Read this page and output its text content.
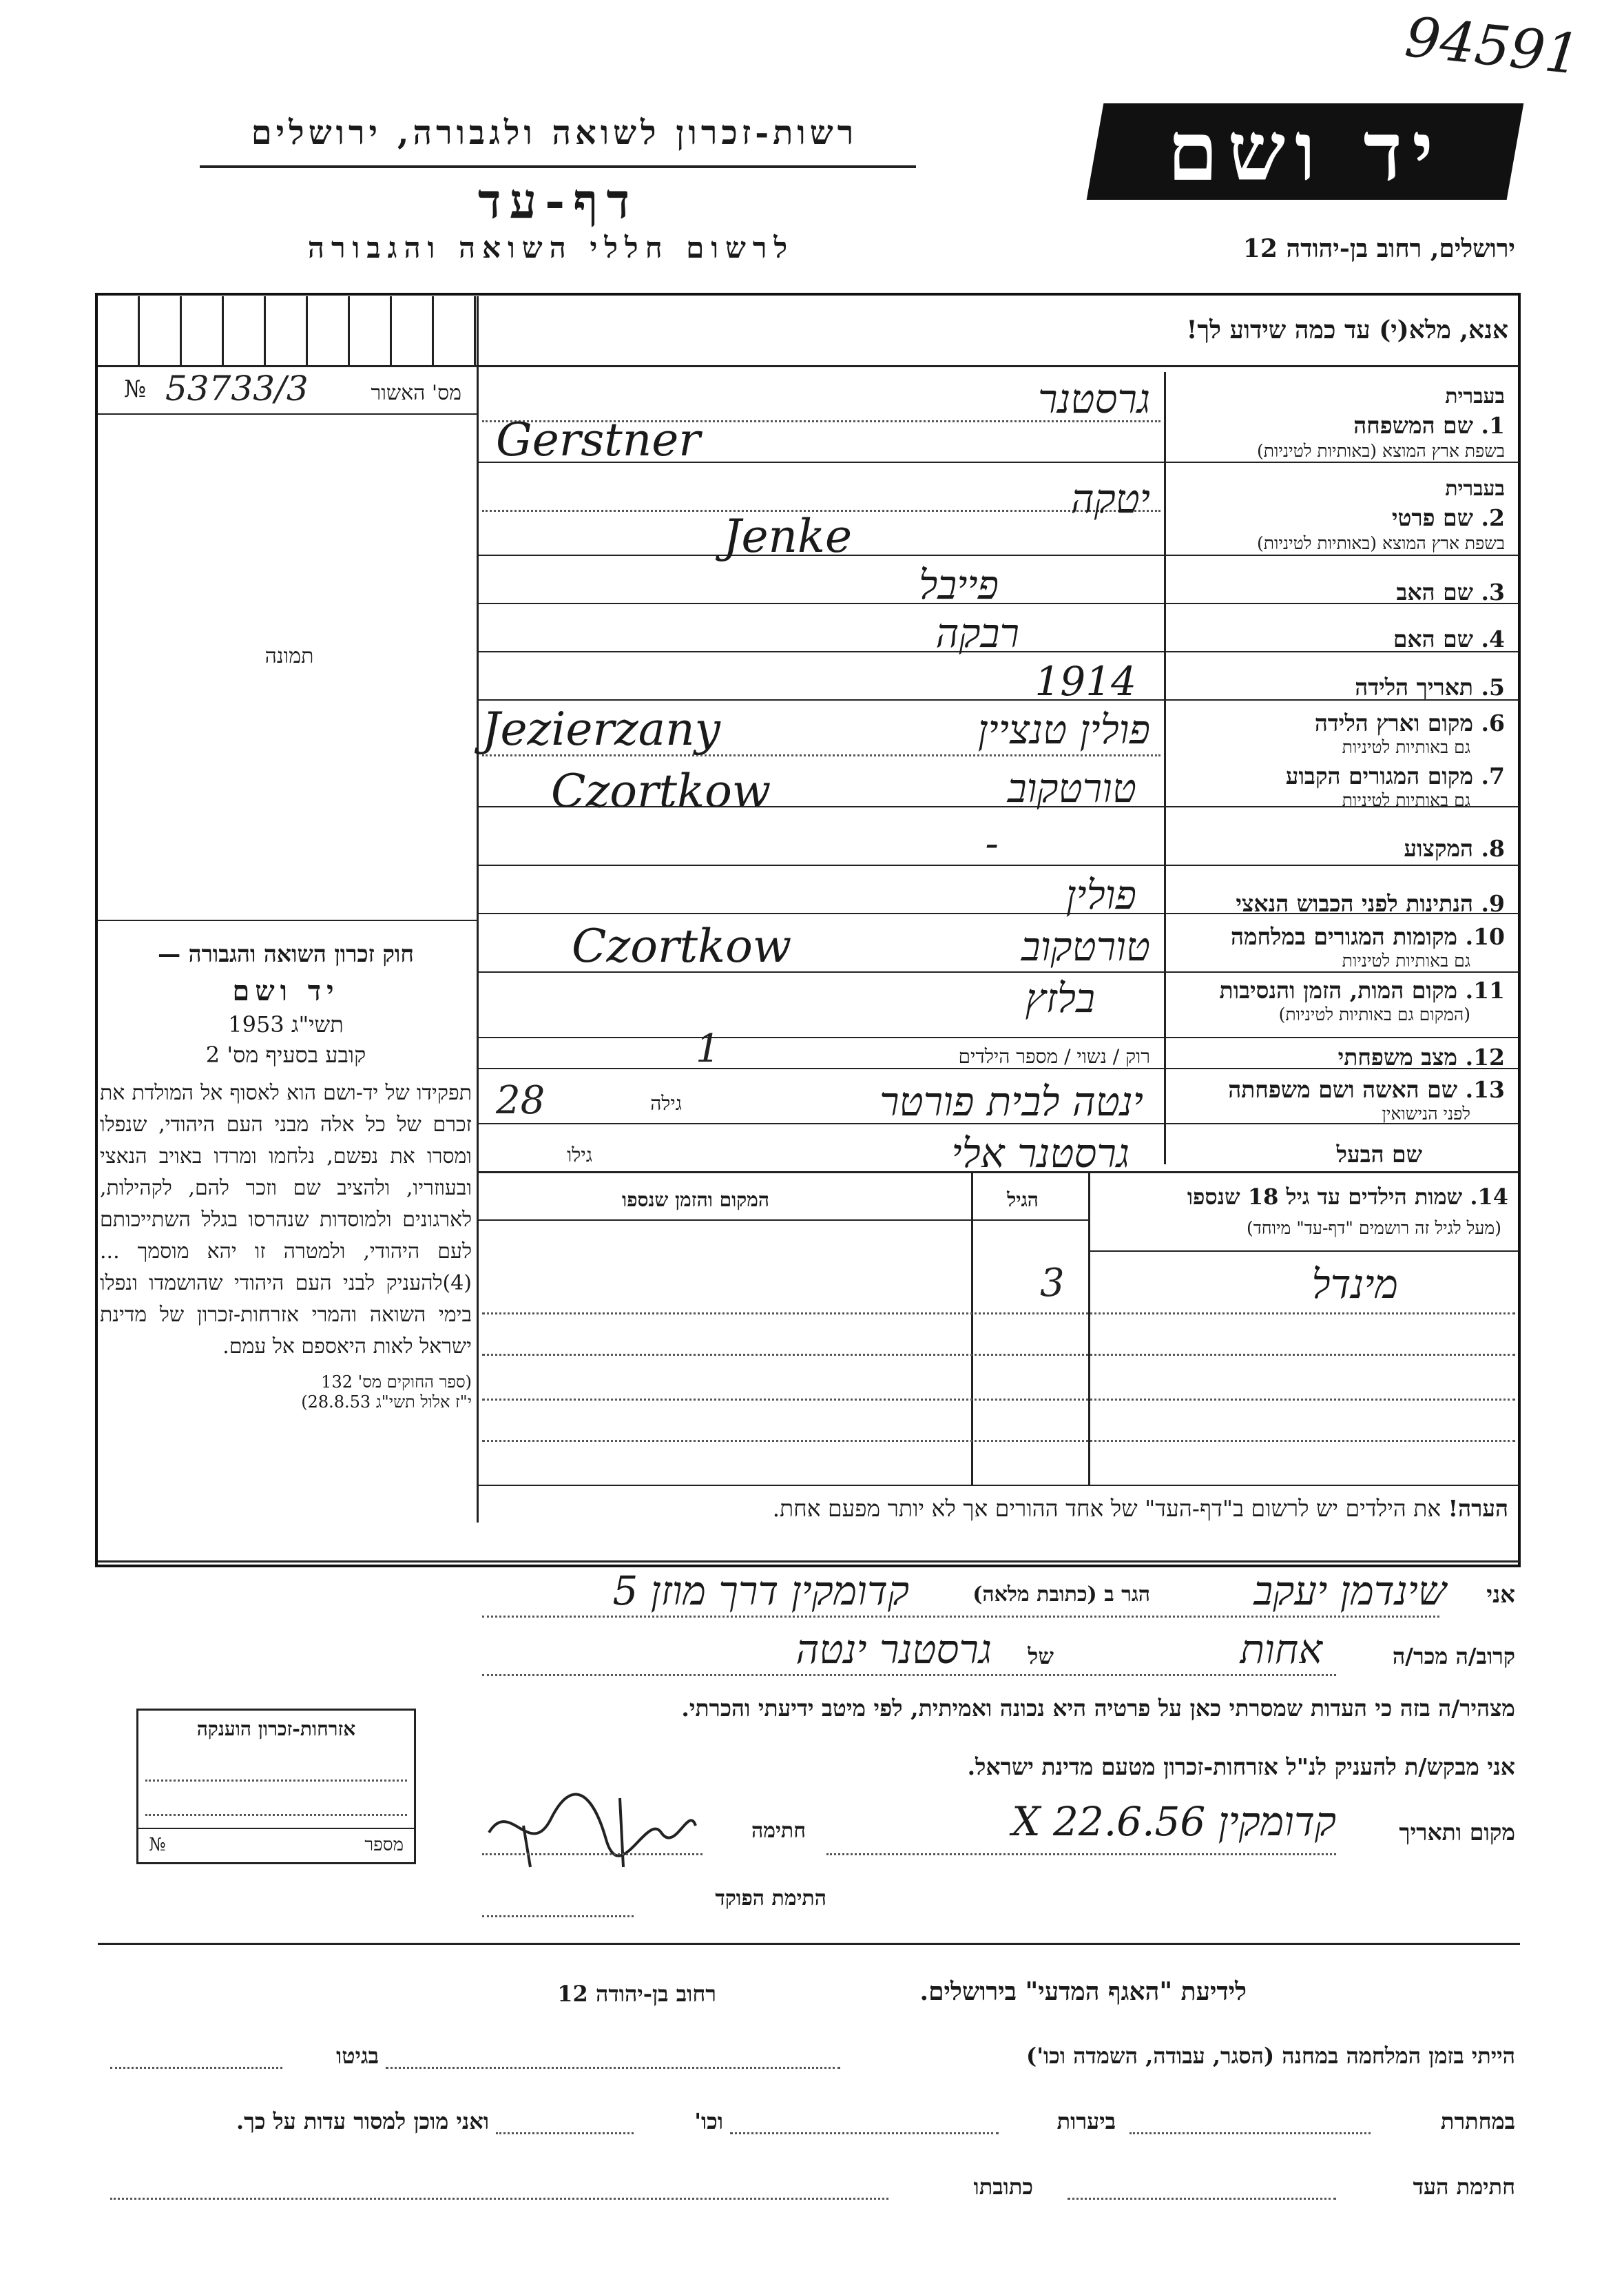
94591
רשות-זכרון לשואה ולגבורה, ירושלים
דף-עד
לרשום חללי השואה והגבורה
יד ושם
ירושלים, רחוב בן-יהודה 12
אנא, מלא(י) עד כמה שידוע לך!
№ 53733/3	מס' האשור
תמונה

חוק זכרון השואה והגבורה —

יד ושם

תשי"ג 1953

קובע בסעיף מס' 2

תפקידו של יד-ושם הוא לאסוף אל המולדת את זכרם של כל אלה מבני העם היהודי, שנפלו ומסרו את נפשם, נלחמו ומרדו באויב הנאצי ובעוזריו, ולהציב שם וזכר להם, לקהילות, לארגונים ולמוסדות שנהרסו בגלל השתייכותם לעם היהודי, ולמטרה זו יהא מוסמך ...(4)להעניק לבני העם היהודי שהושמדו ונפלו בימי השואה והמרי אזרחות-זכרון של מדינת ישראל לאות היאספם אל עמם.

(ספר החוקים מס' 132

י"ז אלול תשי"ג 28.8.53)

בעברית
1. שם המשפחה
בשפת ארץ המוצא (באותיות לטיניות)
בעברית
2. שם פרטי
בשפת ארץ המוצא (באותיות לטיניות)
3. שם האב
4. שם האם
5. תאריך הלידה
6. מקום וארץ הלידה
גם באותיות לטיניות
7. מקום המגורים הקבוע
גם באותיות לטיניות
8. המקצוע
9. הנתינות לפני הכבוש הנאצי
10. מקומות המגורים במלחמה
גם באותיות לטיניות
11. מקום המות, הזמן והנסיבות
(המקום גם באותיות לטיניות)
12. מצב משפחתי
13. שם האשה ושם משפחתה
לפני הנישואין
שם הבעל
גרסטנר
Gerstner
יטקה
Jenke
פייבל
רבקה
1914
פולין טנציין
Jezierzany
טורטקוב
Czortkow
-
פולין
טורטקוב
Czortkow
בלזץ
רוק / נשוי / מספר הילדים
1
ינטה לבית פורטר
גילה
28
גרסטנר אלי
גילו
14. שמות הילדים עד גיל 18 שנספו
(מעל לגיל זה רושמים "דף-עד" מיוחד)
הגיל
המקום והזמן שנספו
מינדל
3
הערה! את הילדים יש לרשום ב"דף-העד" של אחד ההורים אך לא יותר מפעם אחת.
אני
שינדמן יעקב
הגר ב (כתובת מלאה)
קדומקין דרך מוזן 5
קרוב/ה מכר/ה
אחות
של
גרסטנר ינטה
מצהיר/ה בזה כי העדות שמסרתי כאן על פרטיה היא נכונה ואמיתית, לפי מיטב ידיעתי והכרתי.
אני מבקש/ת להעניק לנ"ל אזרחות-זכרון מטעם מדינת ישראל.
מקום ותאריך
קדומקין 22.6.56 X
חתימה
התימת הפוקד
אזרחות-זכרון הוענקה
מספר
№
לידיעת "האגף המדעי" בירושלים.
רחוב בן-יהודה 12
הייתי בזמן המלחמה במחנה (הסגר, עבודה, השמדה וכו')
בגיטו
במחתרת
ביערות
וכו'
ואני מוכן למסור עדות על כך.
חתימת העד
כתובתו
